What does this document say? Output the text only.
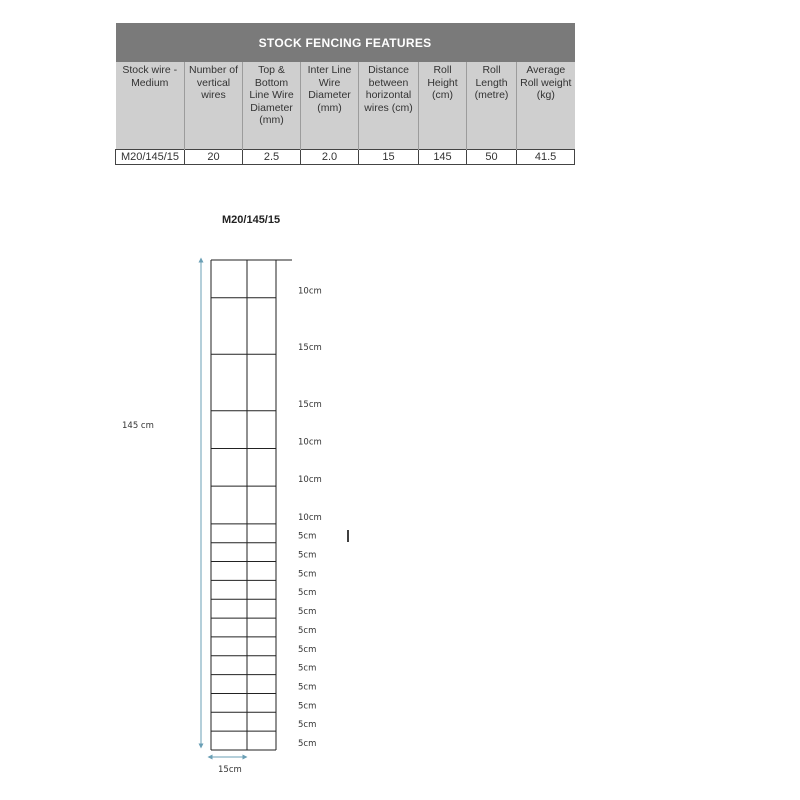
STOCK FENCING FEATURES							
Stock wire - Medium	Number of vertical wires	Top & Bottom Line Wire Diameter (mm)	Inter Line Wire Diameter (mm)	Distance between horizontal wires (cm)	Roll Height (cm)	Roll Length (metre)	Average Roll weight (kg)
M20/145/15	20	2.5	2.0	15	145	50	41.5
M20/145/15
145 cm
15cm
10cm
15cm
15cm
10cm
10cm
10cm
5cm
5cm
5cm
5cm
5cm
5cm
5cm
5cm
5cm
5cm
5cm
5cm
